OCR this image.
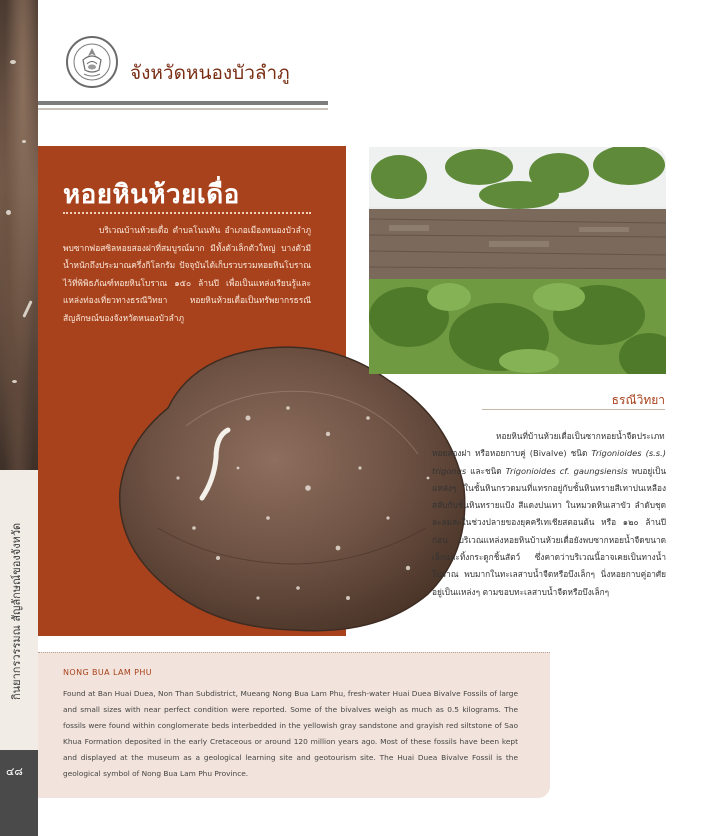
กินยากรวรรมณ สัญลักษณ์ของจังหวัด
๔๘
จังหวัดหนองบัวลำภู
หอยหินห้วยเดื่อ

บริเวณบ้านห้วยเดื่อ ตำบลโนนทัน อำเภอเมืองหนองบัวลำภู พบซากฟอสซิลหอยสองฝาที่สมบูรณ์มาก มีทั้งตัวเล็กตัวใหญ่ บางตัวมีน้ำหนักถึงประมาณครึ่งกิโลกรัม ปัจจุบันได้เก็บรวบรวมหอยหินโบราณไว้ที่พิพิธภัณฑ์หอยหินโบราณ ๑๕๐ ล้านปี เพื่อเป็นแหล่งเรียนรู้และแหล่งท่องเที่ยวทางธรณีวิทยา หอยหินห้วยเดื่อเป็นทรัพยากรธรณีสัญลักษณ์ของจังหวัดหนองบัวลำภู

ธรณีวิทยา

หอยหินที่บ้านห้วยเดื่อเป็นซากหอยน้ำจืดประเภทหอยสองฝา หรือหอยกาบคู่ (Bivalve) ชนิด Trigonioides (s.s.) trigonus และชนิด Trigonioides cf. gaungsiensis พบอยู่เป็นแหล่งๆ ในชั้นหินกรวดมนที่แทรกอยู่กับชั้นหินทรายสีเทาปนเหลือง สลับกับชั้นหินทรายแป้ง สีแดงปนเทา ในหมวดหินเสาขัว ลำดับชุด ละลมสะในช่วงปลายของยุคครีเทเชียสตอนต้น หรือ ๑๒๐ ล้านปีก่อน บริเวณแหล่งหอยหินบ้านห้วยเดื่อยังพบซากหอยน้ำจืดขนาดเล็กและทิ้งกระดูกชิ้นสัตว์ ซึ่งคาดว่าบริเวณนี้อาจเคยเป็นทางน้ำโบราณ พบมากในทะเลสาบน้ำจืดหรือบึงเล็กๆ นิ่งหอยกาบคู่อาศัยอยู่เป็นแหล่งๆ ตามขอบทะเลสาบน้ำจืดหรือบึงเล็กๆ

NONG BUA LAM PHU

Found at Ban Huai Duea, Non Than Subdistrict, Mueang Nong Bua Lam Phu, fresh-water Huai Duea Bivalve Fossils of large and small sizes with near perfect condition were reported. Some of the bivalves weigh as much as 0.5 kilograms. The fossils were found within conglomerate beds interbedded in the yellowish gray sandstone and grayish red siltstone of Sao Khua Formation deposited in the early Cretaceous or around 120 million years ago. Most of these fossils have been kept and displayed at the museum as a geological learning site and geotourism site. The Huai Duea Bivalve Fossil is the geological symbol of Nong Bua Lam Phu Province.
